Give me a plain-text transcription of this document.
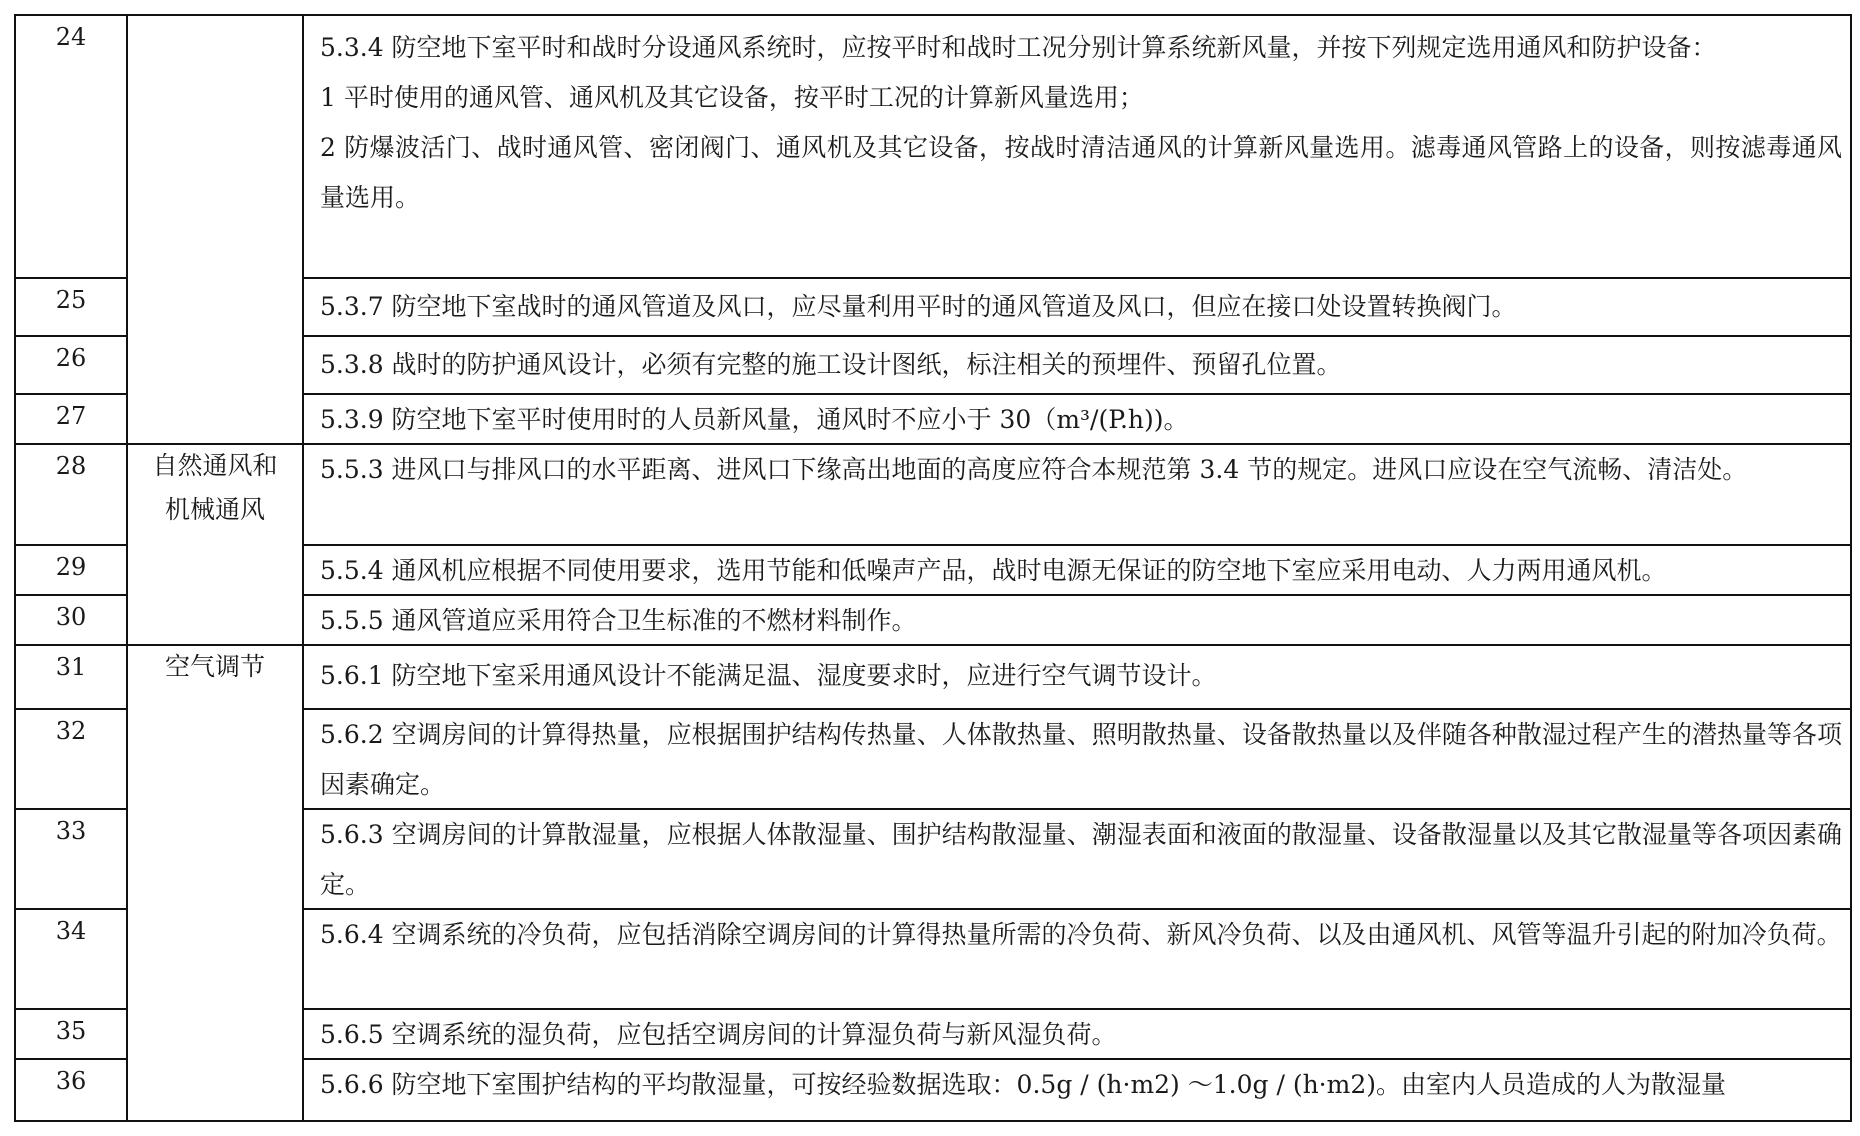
24
25
26
27
28
29
30
31
32
33
34
35
36
自然通风和
机械通风
空气调节
5.3.4 防空地下室平时和战时分设通风系统时，应按平时和战时工况分别计算系统新风量，并按下列规定选用通风和防护设备：
1 平时使用的通风管、通风机及其它设备，按平时工况的计算新风量选用；
2 防爆波活门、战时通风管、密闭阀门、通风机及其它设备，按战时清洁通风的计算新风量选用。滤毒通风管路上的设备，则按滤毒通风量选用。
5.3.7 防空地下室战时的通风管道及风口，应尽量利用平时的通风管道及风口，但应在接口处设置转换阀门。
5.3.8 战时的防护通风设计，必须有完整的施工设计图纸，标注相关的预埋件、预留孔位置。
5.3.9 防空地下室平时使用时的人员新风量，通风时不应小于 30（m³/(P.h))。
5.5.3 进风口与排风口的水平距离、进风口下缘高出地面的高度应符合本规范第 3.4 节的规定。进风口应设在空气流畅、清洁处。
5.5.4 通风机应根据不同使用要求，选用节能和低噪声产品，战时电源无保证的防空地下室应采用电动、人力两用通风机。
5.5.5 通风管道应采用符合卫生标准的不燃材料制作。
5.6.1 防空地下室采用通风设计不能满足温、湿度要求时，应进行空气调节设计。
5.6.2 空调房间的计算得热量，应根据围护结构传热量、人体散热量、照明散热量、设备散热量以及伴随各种散湿过程产生的潜热量等各项因素确定。
5.6.3 空调房间的计算散湿量，应根据人体散湿量、围护结构散湿量、潮湿表面和液面的散湿量、设备散湿量以及其它散湿量等各项因素确定。
5.6.4 空调系统的冷负荷，应包括消除空调房间的计算得热量所需的冷负荷、新风冷负荷、以及由通风机、风管等温升引起的附加冷负荷。
5.6.5 空调系统的湿负荷，应包括空调房间的计算湿负荷与新风湿负荷。
5.6.6 防空地下室围护结构的平均散湿量，可按经验数据选取：0.5g / (h·m2) ～1.0g / (h·m2)。由室内人员造成的人为散湿量
